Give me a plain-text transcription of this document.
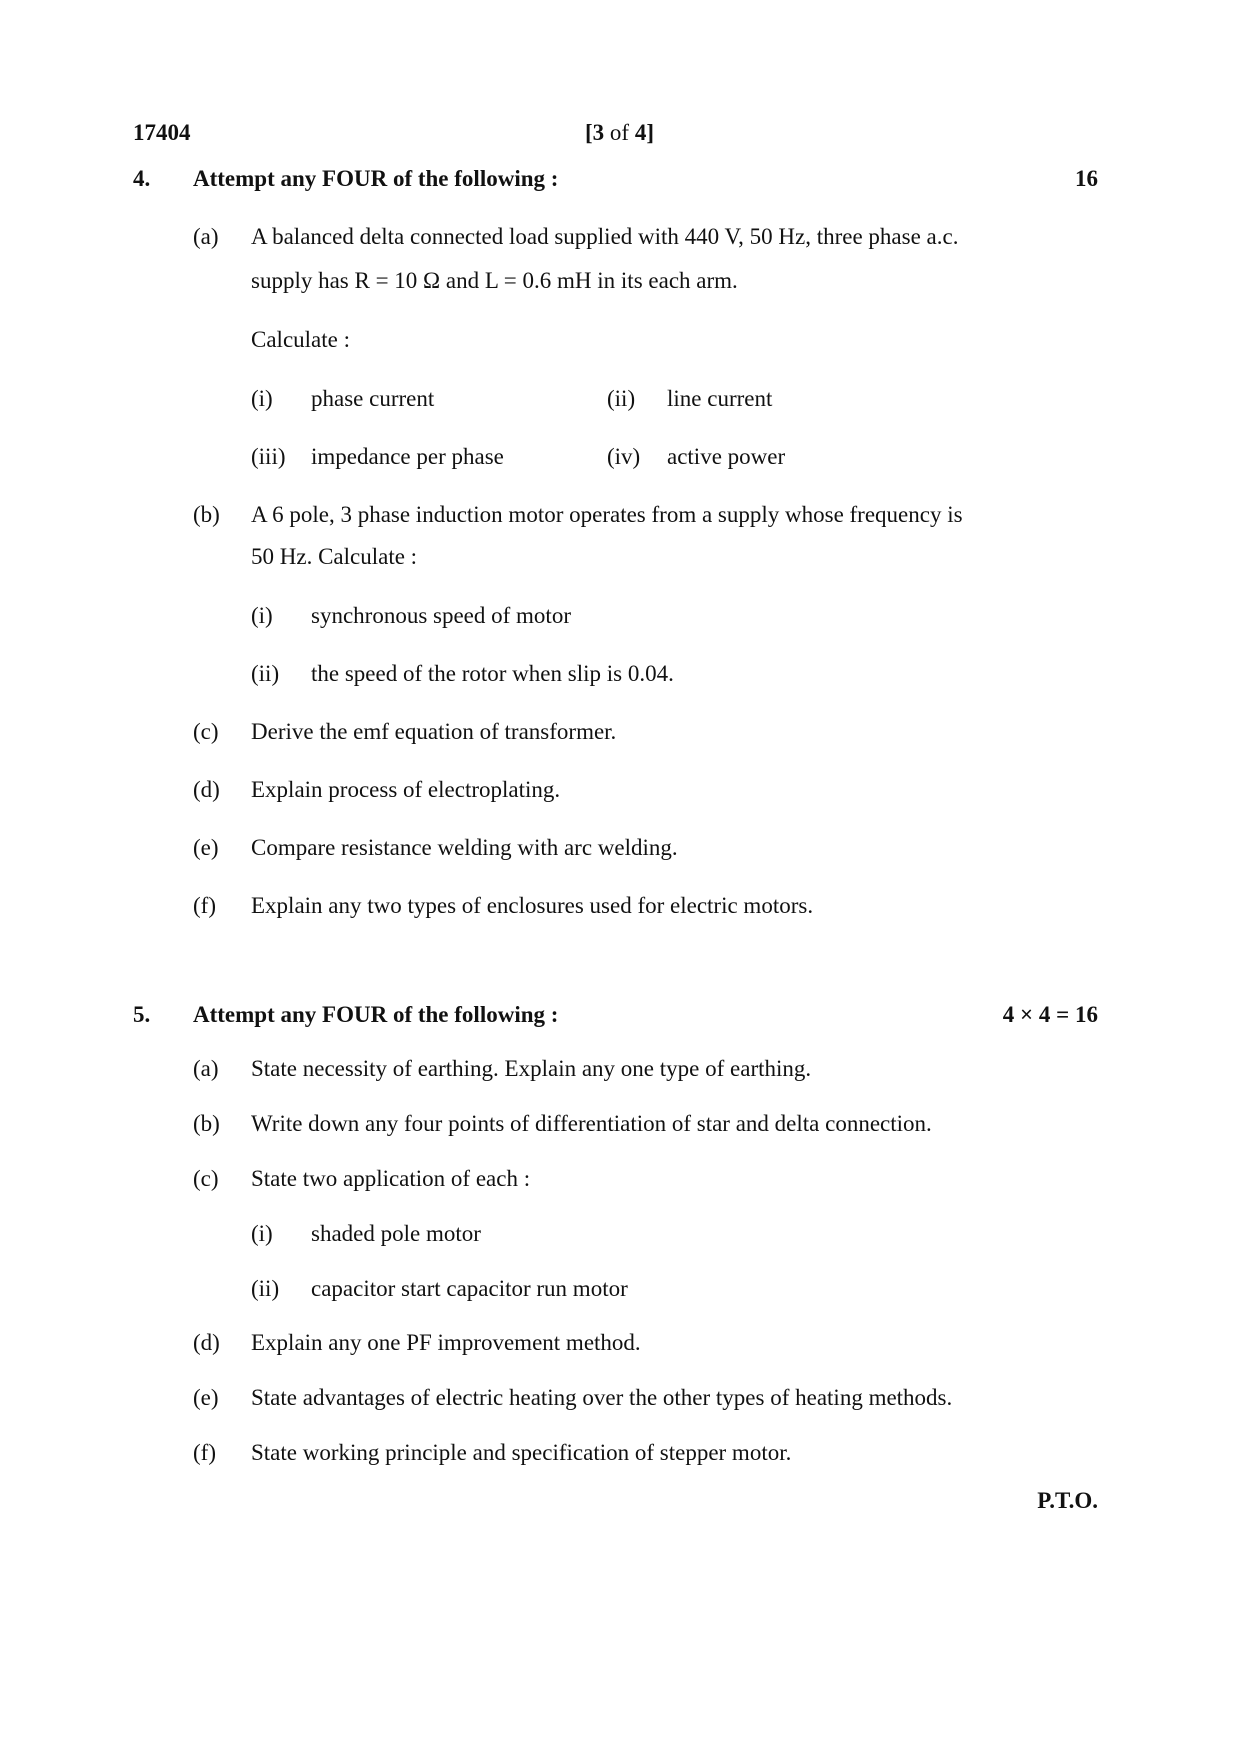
17404	[3 of 4]
4. Attempt any FOUR of the following :	16
(a) A balanced delta connected load supplied with 440 V, 50 Hz, three phase a.c.
supply has R = 10 Ω and L = 0.6 mH in its each arm.
Calculate :
(i) phase current	(ii) line current
(iii) impedance per phase	(iv) active power
(b) A 6 pole, 3 phase induction motor operates from a supply whose frequency is
50 Hz. Calculate :
(i) synchronous speed of motor
(ii) the speed of the rotor when slip is 0.04.
(c) Derive the emf equation of transformer.
(d) Explain process of electroplating.
(e) Compare resistance welding with arc welding.
(f) Explain any two types of enclosures used for electric motors.
5. Attempt any FOUR of the following :	4 × 4 = 16
(a) State necessity of earthing. Explain any one type of earthing.
(b) Write down any four points of differentiation of star and delta connection.
(c) State two application of each :
(i) shaded pole motor
(ii) capacitor start capacitor run motor
(d) Explain any one PF improvement method.
(e) State advantages of electric heating over the other types of heating methods.
(f) State working principle and specification of stepper motor.
P.T.O.
